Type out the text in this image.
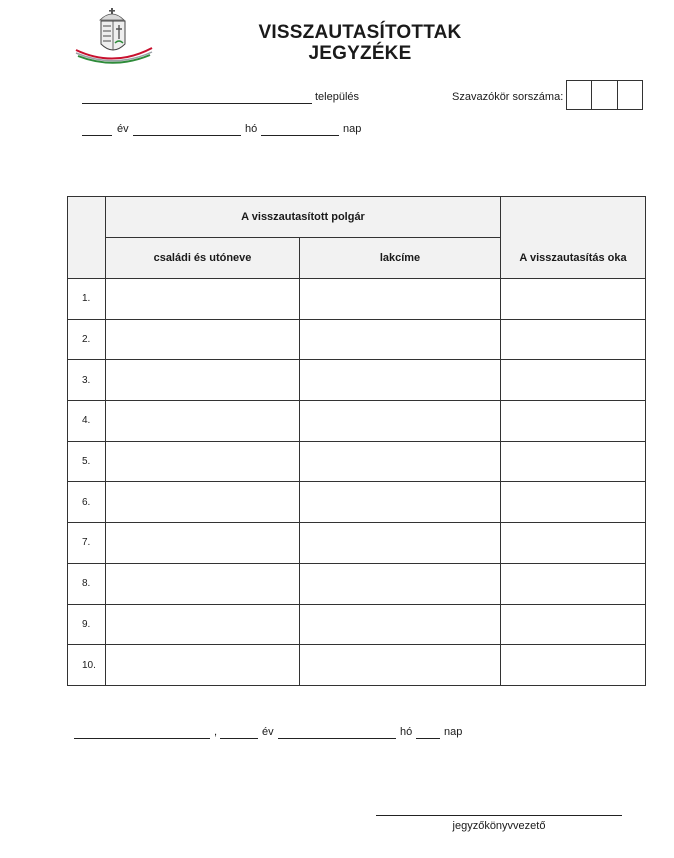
VISSZAUTASÍTOTTAK
JEGYZÉKE
település	Szavazókör sorszáma:
év	hó	nap
	A visszautasított polgár		A visszautasítás oka
	családi és utóneve	lakcíme	
1.			
2.			
3.			
4.			
5.			
6.			
7.			
8.			
9.			
10.			
,	év	hó	nap
jegyzőkönyvvezető
